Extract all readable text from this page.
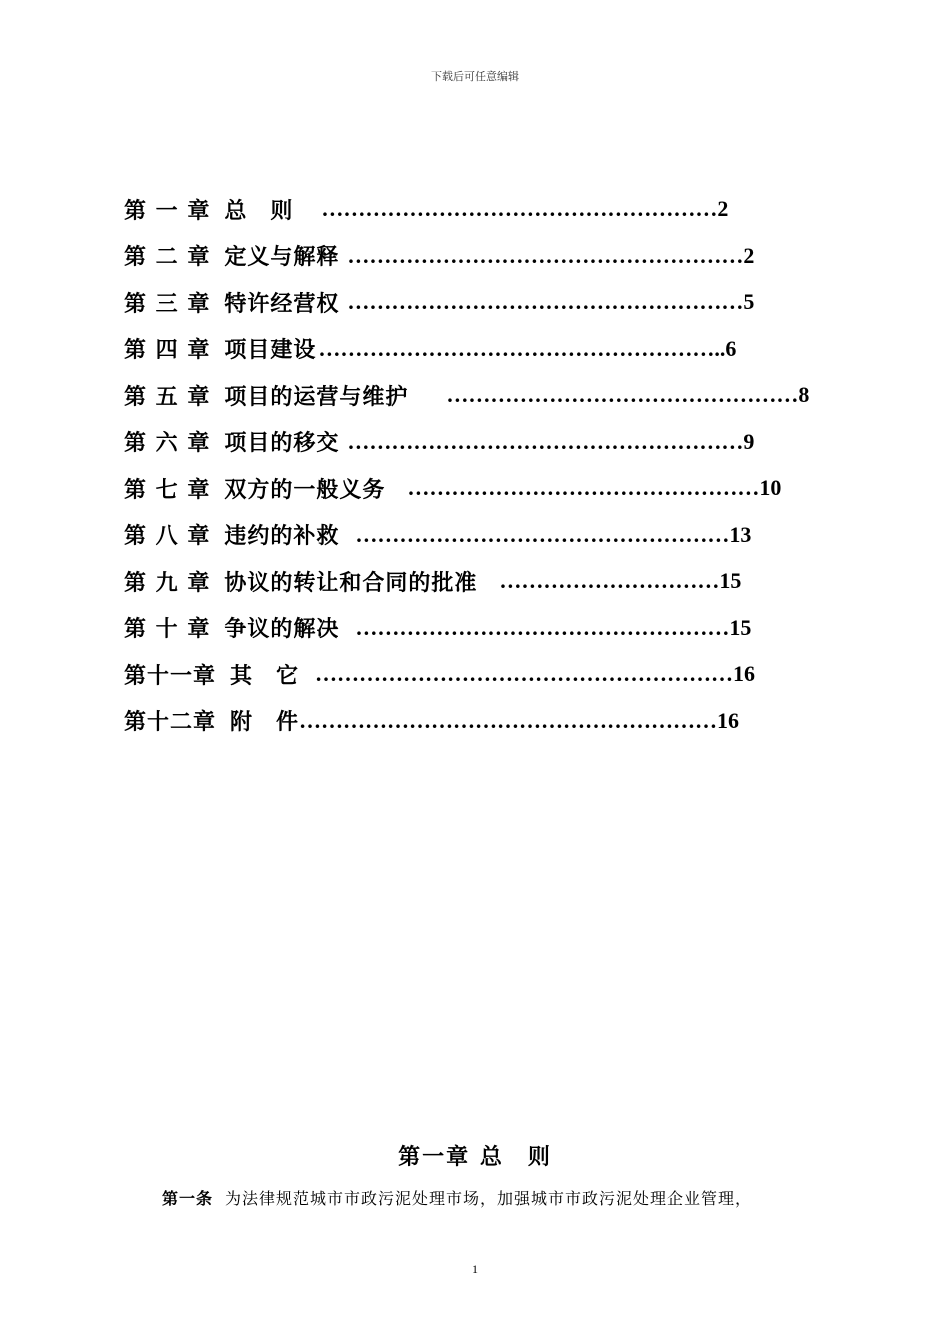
下载后可任意编辑
第 一 章 总　则 ……………………………………………… 2
第 二 章 定义与解释 ……………………………………………… 2
第 三 章 特许经营权 ……………………………………………… 5
第 四 章 项目建设 ……………………………………………… ..6
第 五 章 项目的运营与维护 ………………………………………… 8
第 六 章 项目的移交 ……………………………………………… 9
第 七 章 双方的一般义务 ………………………………………… 10
第 八 章 违约的补救 …………………………………………… 13
第 九 章 协议的转让和合同的批准 ………………………… 15
第 十 章 争议的解决 …………………………………………… 15
第十一章 其　它 ………………………………………………… 16
第十二章 附　件 ………………………………………………… 16
第一章 总　则
第一条 为法律规范城市市政污泥处理市场，加强城市市政污泥处理企业管理，
1
